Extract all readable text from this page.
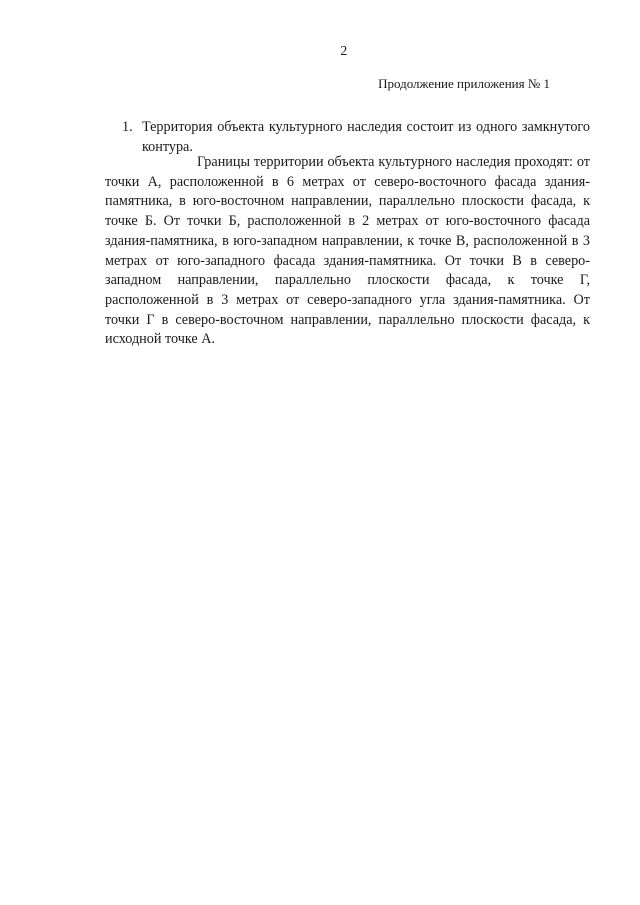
2
Продолжение приложения № 1
1. Территория объекта культурного наследия состоит из одного замкнутого контура.

Границы территории объекта культурного наследия проходят: от точки А, расположенной в 6 метрах от северо-восточного фасада здания-памятника, в юго-восточном направлении, параллельно плоскости фасада, к точке Б. От точки Б, расположенной в 2 метрах от юго-восточного фасада здания-памятника, в юго-западном направлении, к точке В, расположенной в 3 метрах от юго-западного фасада здания-памятника. От точки В в северо-западном направлении, параллельно плоскости фасада, к точке Г, расположенной в 3 метрах от северо-западного угла здания-памятника. От точки Г в северо-восточном направлении, параллельно плоскости фасада, к исходной точке А.
